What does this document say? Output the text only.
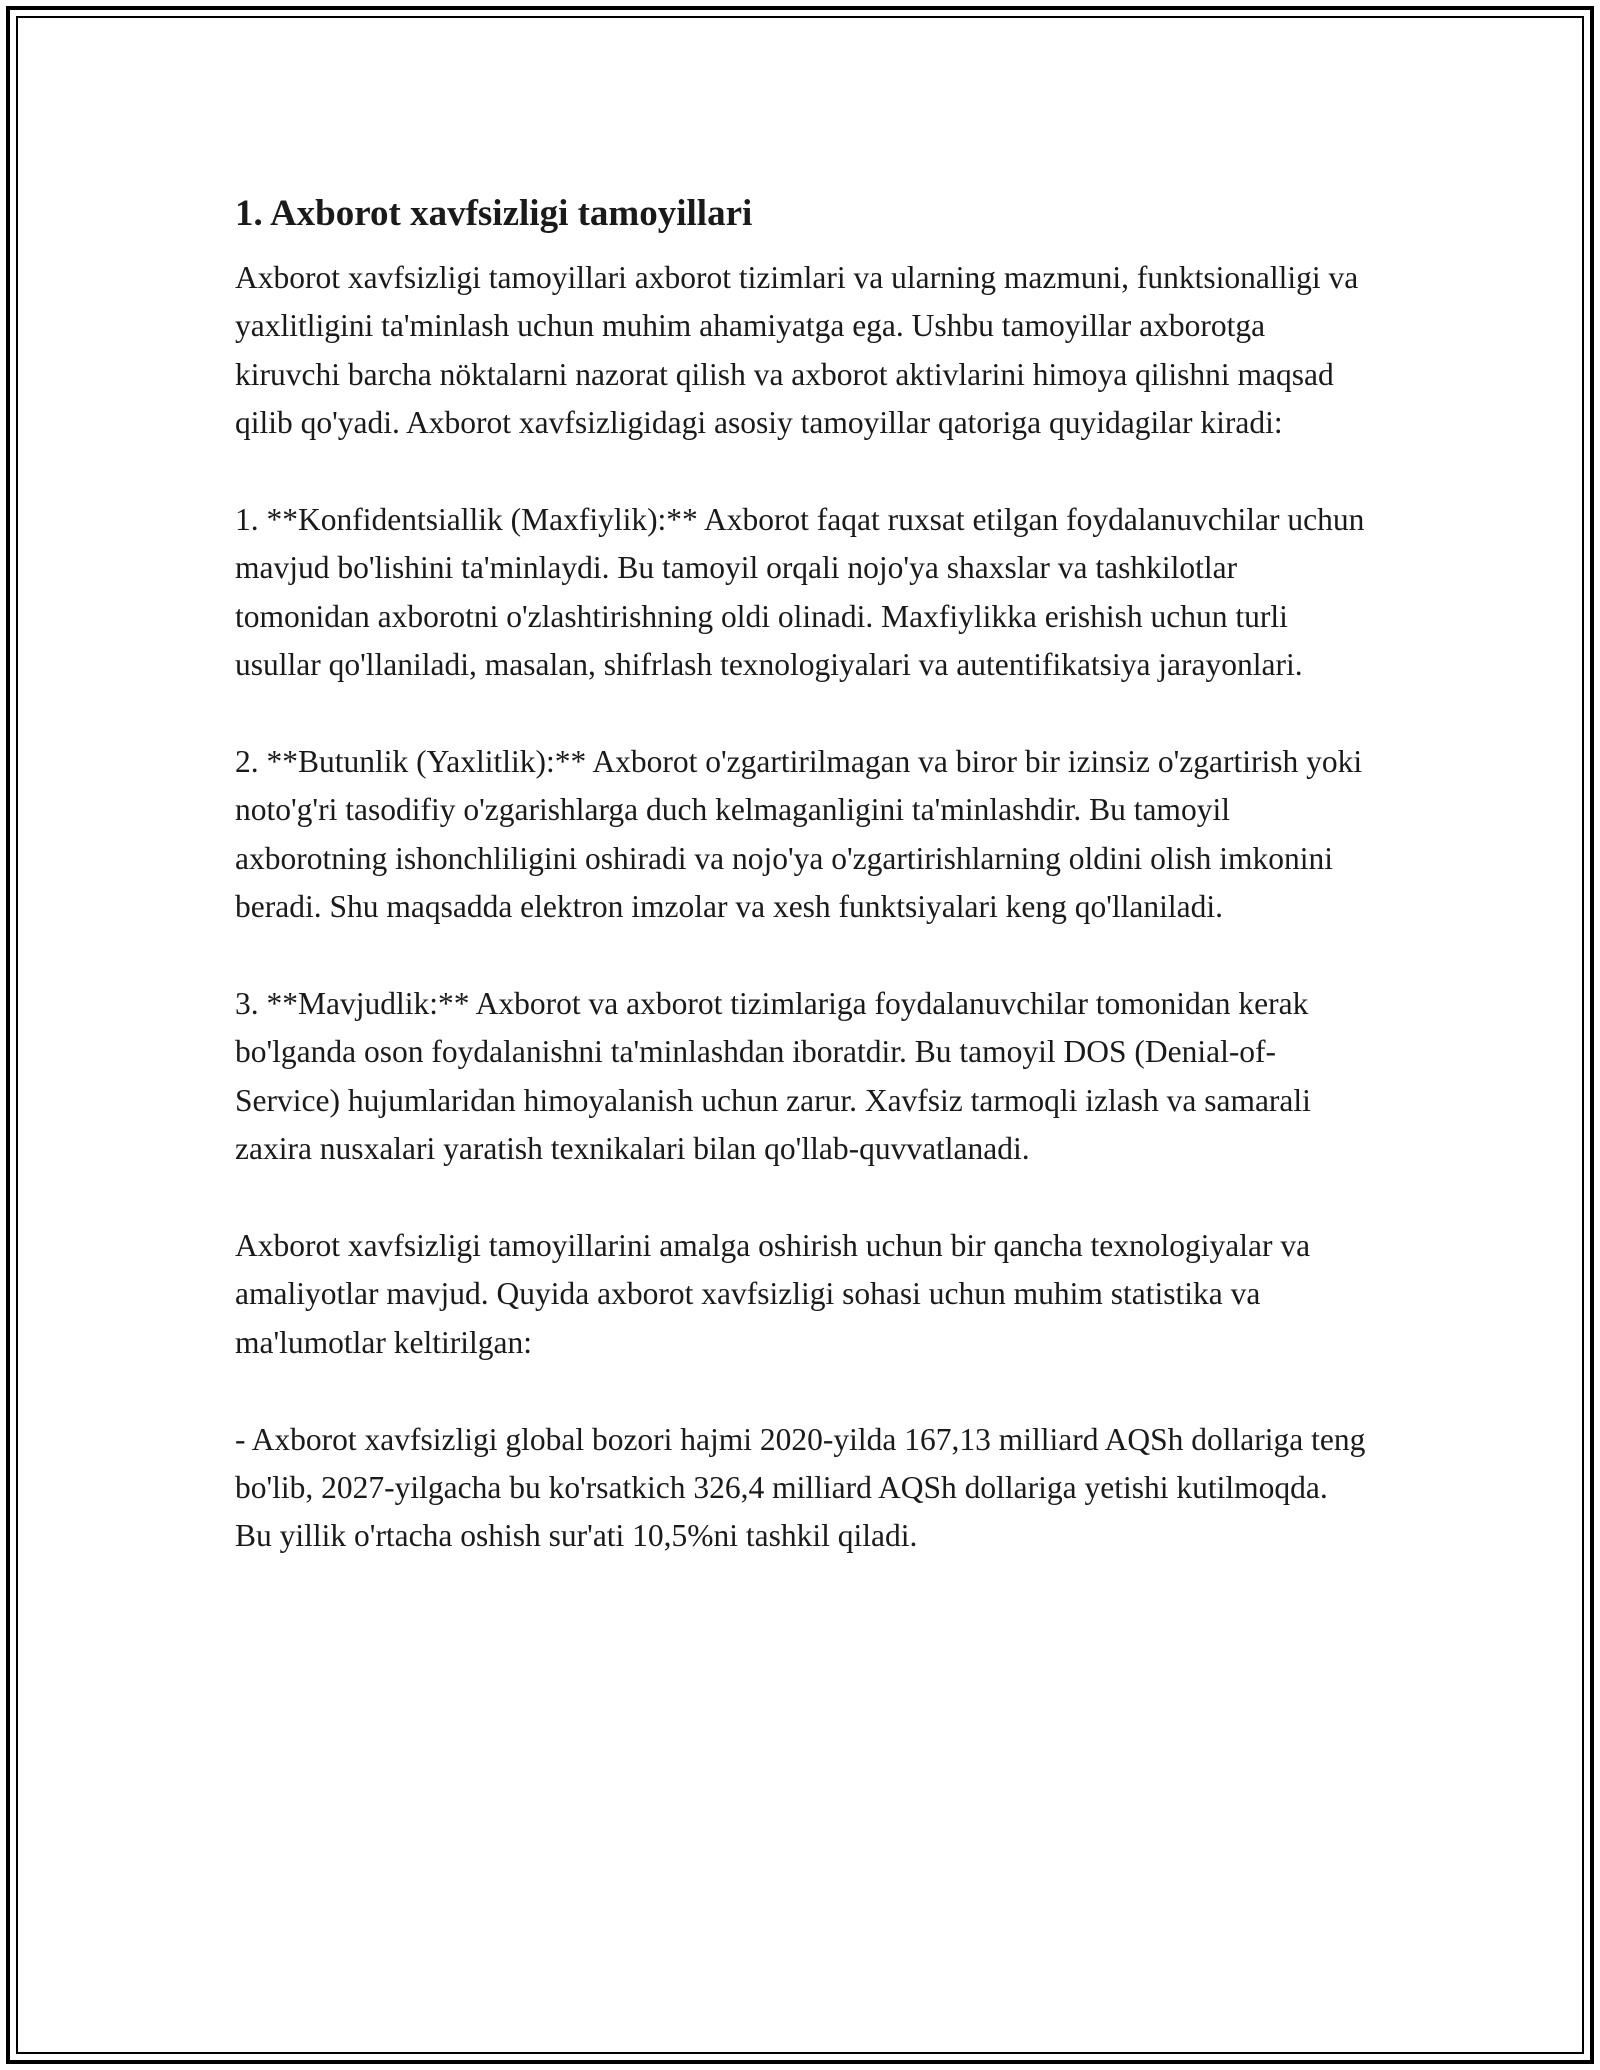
1. Axborot xavfsizligi tamoyillari

Axborot xavfsizligi tamoyillari axborot tizimlari va ularning mazmuni, funktsionalligi va yaxlitligini ta'minlash uchun muhim ahamiyatga ega. Ushbu tamoyillar axborotga kiruvchi barcha nöktalarni nazorat qilish va axborot aktivlarini himoya qilishni maqsad qilib qo'yadi. Axborot xavfsizligidagi asosiy tamoyillar qatoriga quyidagilar kiradi:

1. **Konfidentsiallik (Maxfiylik):** Axborot faqat ruxsat etilgan foydalanuvchilar uchun mavjud bo'lishini ta'minlaydi. Bu tamoyil orqali nojo'ya shaxslar va tashkilotlar tomonidan axborotni o'zlashtirishning oldi olinadi. Maxfiylikka erishish uchun turli usullar qo'llaniladi, masalan, shifrlash texnologiyalari va autentifikatsiya jarayonlari.

2. **Butunlik (Yaxlitlik):** Axborot o'zgartirilmagan va biror bir izinsiz o'zgartirish yoki noto'g'ri tasodifiy o'zgarishlarga duch kelmaganligini ta'minlashdir. Bu tamoyil axborotning ishonchliligini oshiradi va nojo'ya o'zgartirishlarning oldini olish imkonini beradi. Shu maqsadda elektron imzolar va xesh funktsiyalari keng qo'llaniladi.

3. **Mavjudlik:** Axborot va axborot tizimlariga foydalanuvchilar tomonidan kerak bo'lganda oson foydalanishni ta'minlashdan iboratdir. Bu tamoyil DOS (Denial-of-Service) hujumlaridan himoyalanish uchun zarur. Xavfsiz tarmoqli izlash va samarali zaxira nusxalari yaratish texnikalari bilan qo'llab-quvvatlanadi.

Axborot xavfsizligi tamoyillarini amalga oshirish uchun bir qancha texnologiyalar va amaliyotlar mavjud. Quyida axborot xavfsizligi sohasi uchun muhim statistika va ma'lumotlar keltirilgan:

- Axborot xavfsizligi global bozori hajmi 2020-yilda 167,13 milliard AQSh dollariga teng bo'lib, 2027-yilgacha bu ko'rsatkich 326,4 milliard AQSh dollariga yetishi kutilmoqda. Bu yillik o'rtacha oshish sur'ati 10,5%ni tashkil qiladi.
